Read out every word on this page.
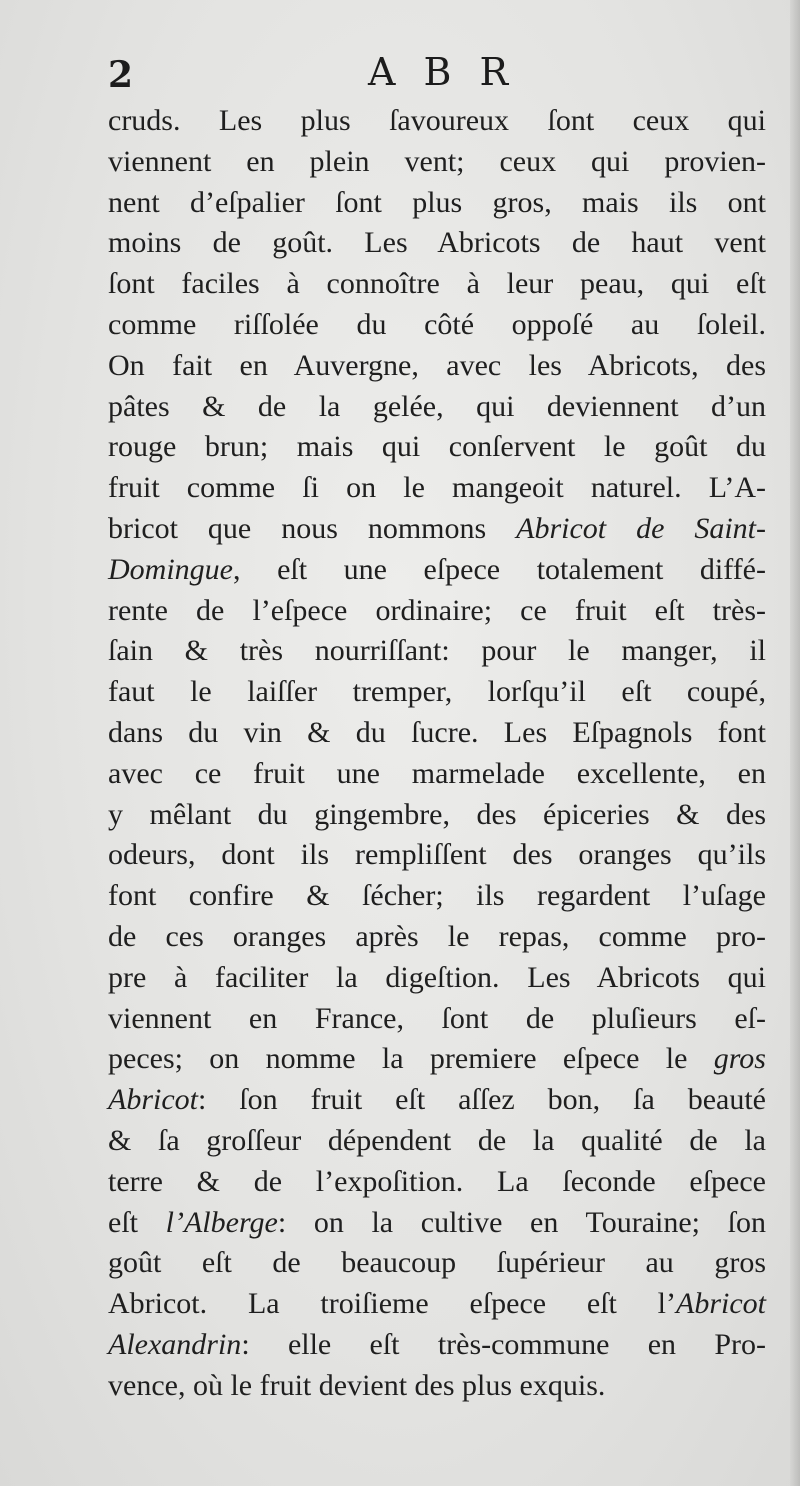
2	A B R
cruds. Les plus ſavoureux ſont ceux qui
viennent en plein vent; ceux qui provien-
nent d’eſpalier ſont plus gros, mais ils ont
moins de goût. Les Abricots de haut vent
ſont faciles à connoître à leur peau, qui eſt
comme riſſolée du côté oppoſé au ſoleil.
On fait en Auvergne, avec les Abricots, des
pâtes & de la gelée, qui deviennent d’un
rouge brun; mais qui conſervent le goût du
fruit comme ſi on le mangeoit naturel. L’A-
bricot que nous nommons Abricot de Saint-
Domingue, eſt une eſpece totalement diffé-
rente de l’eſpece ordinaire; ce fruit eſt très-
ſain & très nourriſſant: pour le manger, il
faut le laiſſer tremper, lorſqu’il eſt coupé,
dans du vin & du ſucre. Les Eſpagnols font
avec ce fruit une marmelade excellente, en
y mêlant du gingembre, des épiceries & des
odeurs, dont ils rempliſſent des oranges qu’ils
font confire & ſécher; ils regardent l’uſage
de ces oranges après le repas, comme pro-
pre à faciliter la digeſtion. Les Abricots qui
viennent en France, ſont de pluſieurs eſ-
peces; on nomme la premiere eſpece le gros
Abricot: ſon fruit eſt aſſez bon, ſa beauté
& ſa groſſeur dépendent de la qualité de la
terre & de l’expoſition. La ſeconde eſpece
eſt l’Alberge: on la cultive en Touraine; ſon
goût eſt de beaucoup ſupérieur au gros
Abricot. La troiſieme eſpece eſt l’Abricot
Alexandrin: elle eſt très-commune en Pro-
vence, où le fruit devient des plus exquis.
